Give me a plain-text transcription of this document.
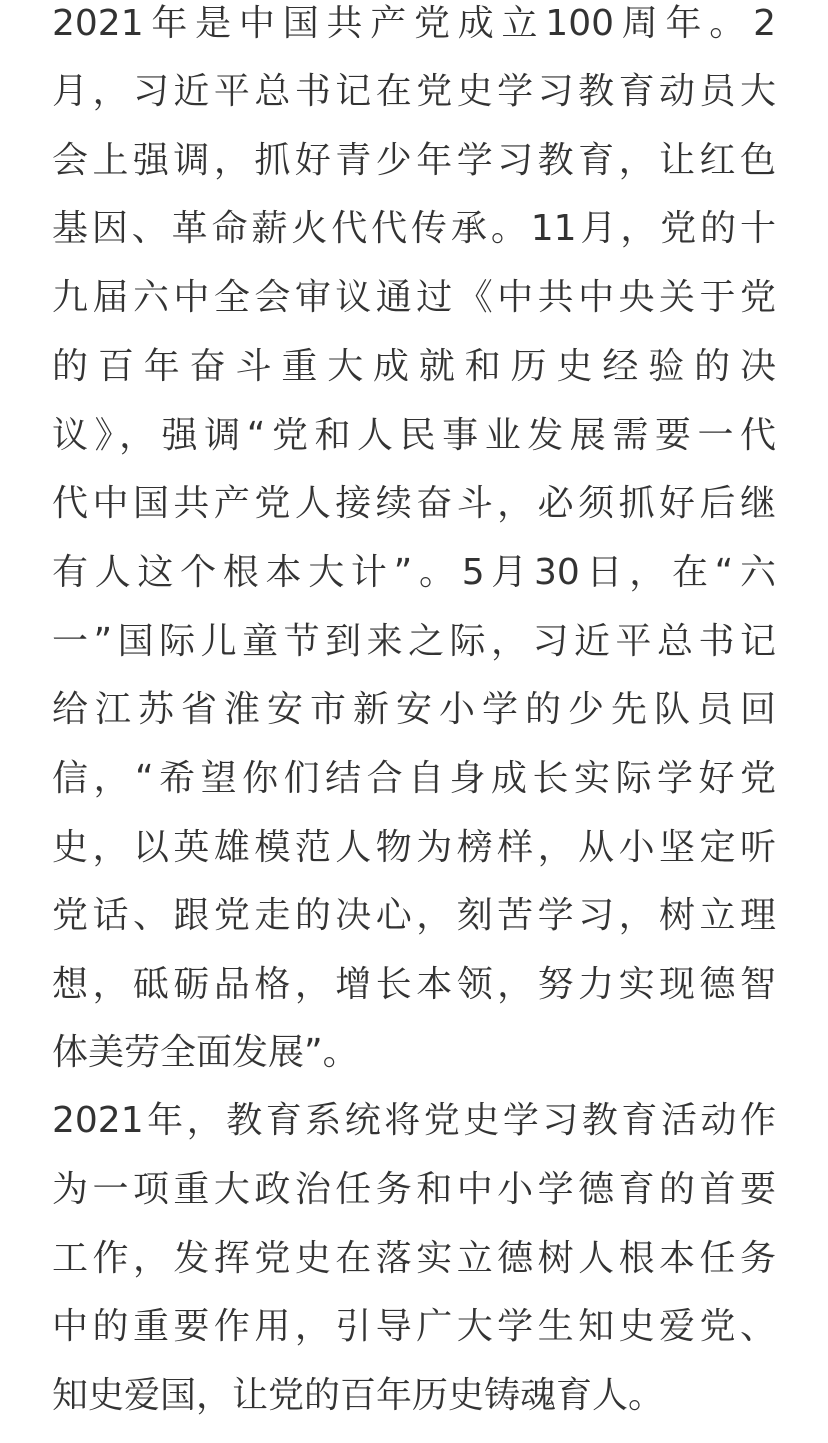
2021年是中国共产党成立100周年。2
月，习近平总书记在党史学习教育动员大
会上强调，抓好青少年学习教育，让红色
基因、革命薪火代代传承。11月，党的十
九届六中全会审议通过《中共中央关于党
的百年奋斗重大成就和历史经验的决
议》，强调“党和人民事业发展需要一代
代中国共产党人接续奋斗，必须抓好后继
有人这个根本大计”。5月30日，在“六
一”国际儿童节到来之际，习近平总书记
给江苏省淮安市新安小学的少先队员回
信，“希望你们结合自身成长实际学好党
史，以英雄模范人物为榜样，从小坚定听
党话、跟党走的决心，刻苦学习，树立理
想，砥砺品格，增长本领，努力实现德智
体美劳全面发展”。
2021年，教育系统将党史学习教育活动作
为一项重大政治任务和中小学德育的首要
工作，发挥党史在落实立德树人根本任务
中的重要作用，引导广大学生知史爱党、
知史爱国，让党的百年历史铸魂育人。
